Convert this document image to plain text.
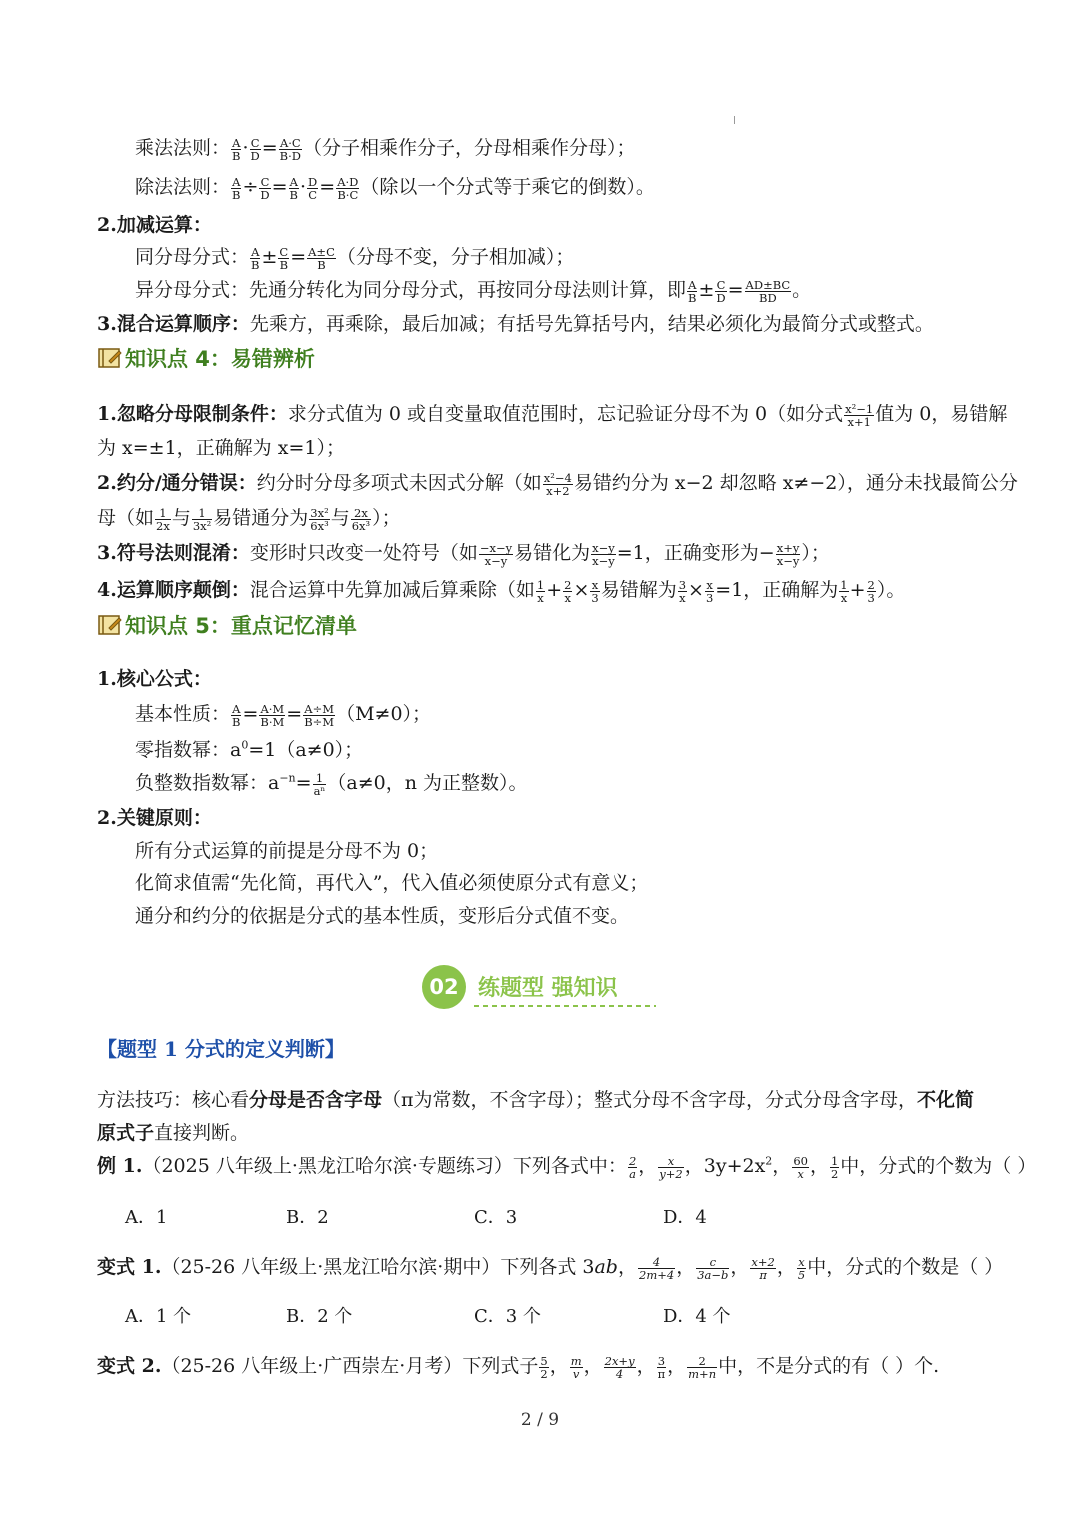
乘法法则： $\frac{A}{B} \cdot \frac{C}{D} = \frac{A\cdot C}{B\cdot D}$ （分子相乘作分子，分母相乘作分母）；
除法法则： $\frac{A}{B} \div \frac{C}{D} = \frac{A}{B} \cdot \frac{D}{C} = \frac{A\cdot D}{B\cdot C}$ （除以一个分式等于乘它的倒数）。
2.加减运算：
同分母分式： $\frac{A}{B} \pm \frac{C}{B} = \frac{A\pm C}{B}$ （分母不变，分子相加减）；
异分母分式：先通分转化为同分母分式，再按同分母法则计算，即 $\frac{A}{B} \pm \frac{C}{D} = \frac{AD\pm BC}{BD}$ 。
3.混合运算顺序：先乘方，再乘除，最后加减；有括号先算括号内，结果必须化为最简分式或整式。
知识点 4：易错辨析
1.忽略分母限制条件：求分式值为 0 或自变量取值范围时，忘记验证分母不为 0（如分式 $\frac{\text{x²−1}}{x+1}$ 值为 0，易错解
为 x=±1，正确解为 x=1）；
2.约分/通分错误：约分时分母多项式未因式分解（如 $\frac{\text{x²−4}}{x+2}$ 易错约分为 x−2 却忽略 x≠−2），通分未找最简公分
母（如 $\frac{1}{2x}$ 与 $\frac{1}{\text{3x²}}$ 易错通分为 $\frac{\text{3x²}}{\text{6x³}}$ 与 $\frac{2x}{\text{6x³}}$ ）；
3.符号法则混淆：变形时只改变一处符号（如 $\frac{-x-y}{x-y}$ 易错化为 $\frac{x-y}{x-y} =1$，正确变形为− $\frac{x+y}{x-y}$ ）；
4.运算顺序颠倒：混合运算中先算加减后算乘除（如 $\frac{1}{x} + \frac{2}{x} \times \frac{x}{3}$ 易错解为 $\frac{3}{x} \times \frac{x}{3} =1$，正确解为 $\frac{1}{x} + \frac{2}{3}$ ）。
知识点 5：重点记忆清单
1.核心公式：
基本性质： $\frac{A}{B} = \frac{A\cdot M}{B\cdot M} = \frac{A\div M}{B\div M} (M\ne 0)$；
零指数幂：$a^0=1(a\ne 0)$；
负整数指数幂：$a^{-n}= \frac{1}{\text{aⁿ}} (a\ne 0$，n 为正整数）。
2.关键原则：
所有分式运算的前提是分母不为 0；
化简求值需“先化简，再代入”，代入值必须使原分式有意义；
通分和约分的依据是分式的基本性质，变形后分式值不变。
02 练题型 强知识
【题型 1 分式的定义判断】
方法技巧：核心看分母是否含字母（π为常数，不含字母）；整式分母不含字母，分式分母含字母，不化简
原式子直接判断。
例 1.（2025 八年级上·黑龙江哈尔滨·专题练习）下列各式中： $\frac{2}{a}$ ， $\frac{x}{y+2}$ ，$3y+2x^2$， $\frac{60}{x}$ ， $\frac{1}{2}$ 中，分式的个数为（ ）
A．1	B．2	C．3	D．4
变式 1.（25-26 八年级上·黑龙江哈尔滨·期中）下列各式 3ab， $\frac{4}{2m+4}$ ， $\frac{c}{3a-b}$ ， $\frac{x+2}{\pi}$ ， $\frac{x}{5}$ 中，分式的个数是（ ）
A．1 个	B．2 个	C．3 个	D．4 个
变式 2.（25-26 八年级上·广西崇左·月考）下列式子 $\frac{5}{2}$ ， $\frac{m}{v}$ ， $\frac{2x+y}{4}$ ， $\frac{3}{\pi}$ ， $\frac{2}{m+n}$ 中，不是分式的有（ ）个.
2 / 9
